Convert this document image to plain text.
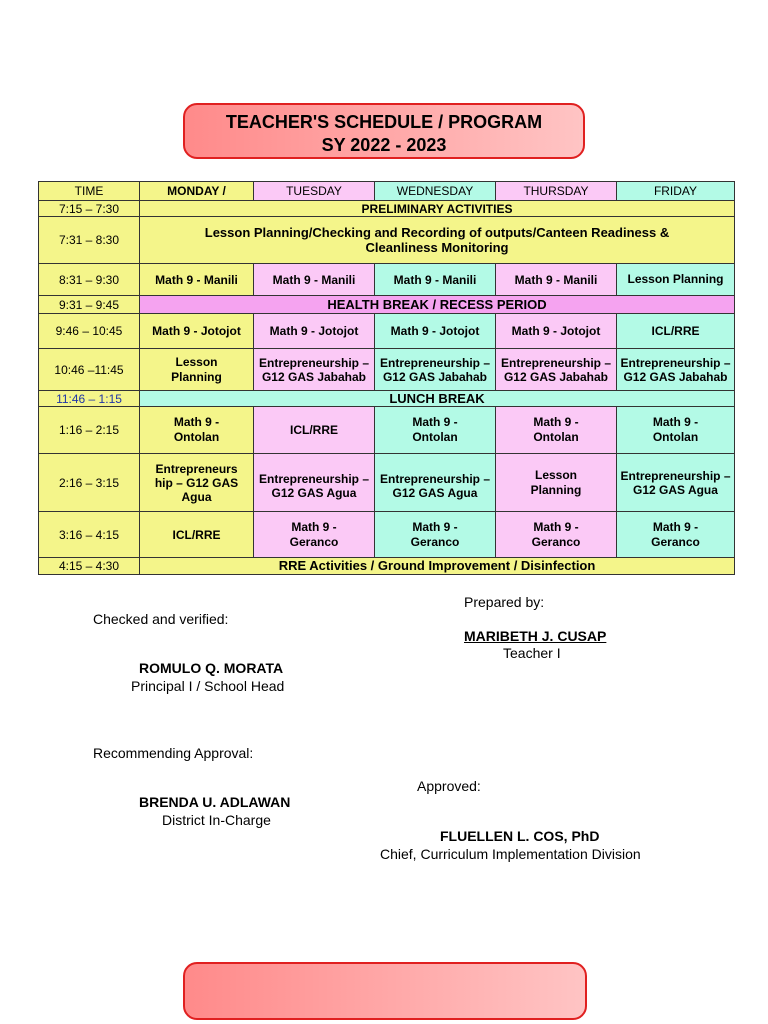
TEACHER'S SCHEDULE / PROGRAM
SY 2022 - 2023
TIME	MONDAY /	TUESDAY	WEDNESDAY	THURSDAY	FRIDAY
7:15 – 7:30	PRELIMINARY ACTIVITIES				
7:31 – 8:30	Lesson Planning/Checking and Recording of outputs/Canteen Readiness & Cleanliness Monitoring				
8:31 – 9:30	Math 9 - Manili	Math 9 - Manili	Math 9 - Manili	Math 9 - Manili	Lesson Planning
9:31 – 9:45	HEALTH BREAK / RECESS PERIOD				
9:46 – 10:45	Math 9 - Jotojot	Math 9 - Jotojot	Math 9 - Jotojot	Math 9 - Jotojot	ICL/RRE
10:46 –11:45	Lesson Planning	Entrepreneurship – G12 GAS Jabahab	Entrepreneurship – G12 GAS Jabahab	Entrepreneurship – G12 GAS Jabahab	Entrepreneurship – G12 GAS Jabahab
11:46 – 1:15	LUNCH BREAK				
1:16 – 2:15	Math 9 - Ontolan	ICL/RRE	Math 9 - Ontolan	Math 9 - Ontolan	Math 9 - Ontolan
2:16 – 3:15	Entrepreneurs hip – G12 GAS Agua	Entrepreneurship – G12 GAS Agua	Entrepreneurship – G12 GAS Agua	Lesson Planning	Entrepreneurship – G12 GAS Agua
3:16 – 4:15	ICL/RRE	Math 9 - Geranco	Math 9 - Geranco	Math 9 - Geranco	Math 9 - Geranco
4:15 – 4:30	RRE Activities / Ground Improvement / Disinfection				
Prepared by:
MARIBETH J. CUSAP
Teacher I
Checked and verified:
ROMULO Q. MORATA
Principal I / School Head
Recommending Approval:
BRENDA U. ADLAWAN
District In-Charge
Approved:
FLUELLEN L. COS, PhD
Chief, Curriculum Implementation Division
